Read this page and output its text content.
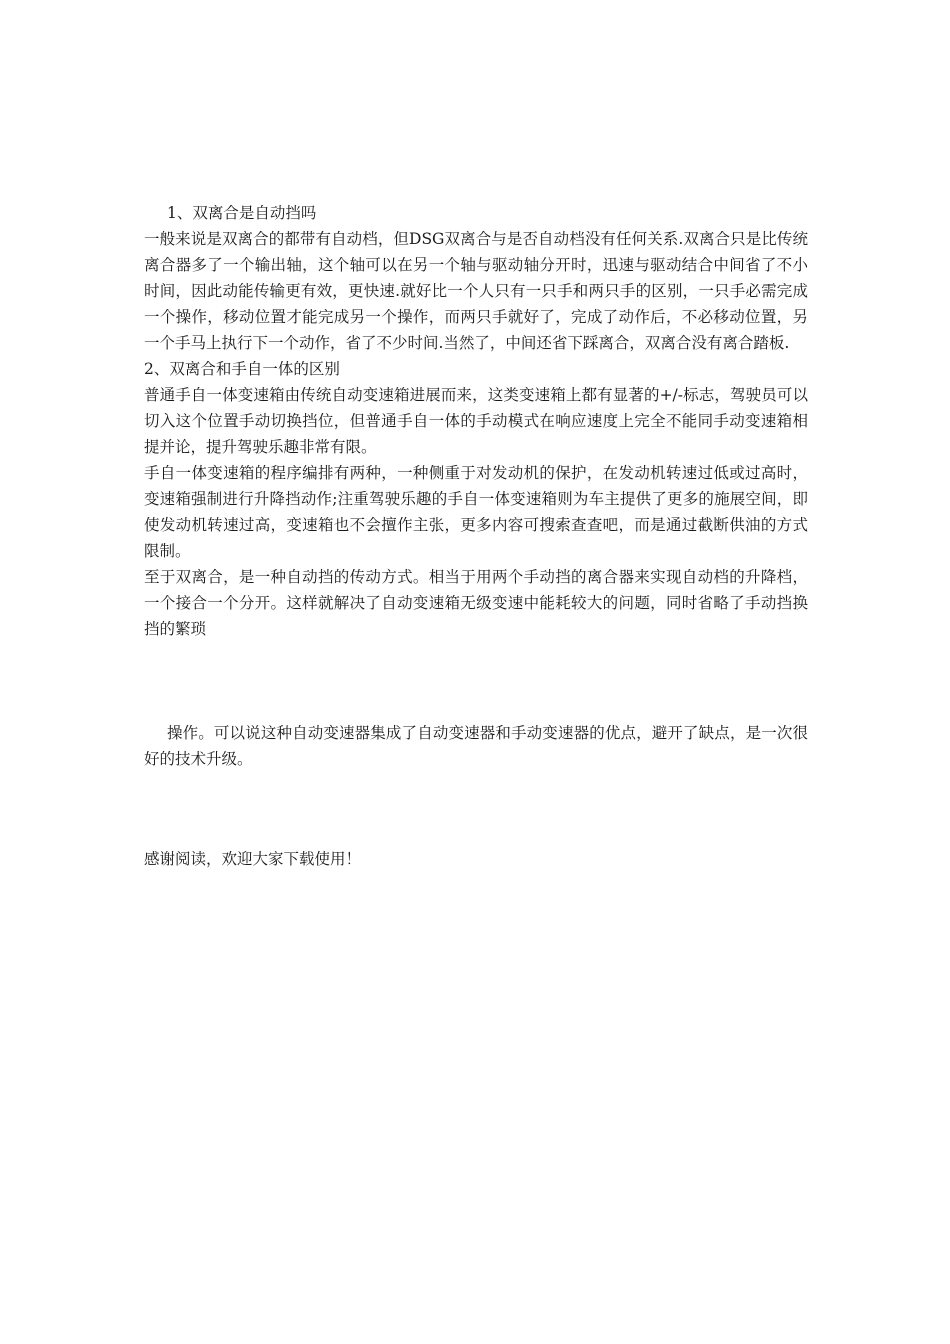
1、双离合是自动挡吗

一般来说是双离合的都带有自动档，但DSG双离合与是否自动档没有任何关系.双离合只是比传统离合器多了一个输出轴，这个轴可以在另一个轴与驱动轴分开时，迅速与驱动结合中间省了不小时间，因此动能传输更有效，更快速.就好比一个人只有一只手和两只手的区别，一只手必需完成一个操作，移动位置才能完成另一个操作，而两只手就好了，完成了动作后，不必移动位置，另一个手马上执行下一个动作，省了不少时间.当然了，中间还省下踩离合，双离合没有离合踏板.

2、双离合和手自一体的区别

普通手自一体变速箱由传统自动变速箱进展而来，这类变速箱上都有显著的+/-标志，驾驶员可以切入这个位置手动切换挡位，但普通手自一体的手动模式在响应速度上完全不能同手动变速箱相提并论，提升驾驶乐趣非常有限。

手自一体变速箱的程序编排有两种，一种侧重于对发动机的保护，在发动机转速过低或过高时，变速箱强制进行升降挡动作;注重驾驶乐趣的手自一体变速箱则为车主提供了更多的施展空间，即使发动机转速过高，变速箱也不会擅作主张，更多内容可搜索查查吧，而是通过截断供油的方式限制。

至于双离合，是一种自动挡的传动方式。相当于用两个手动挡的离合器来实现自动档的升降档，一个接合一个分开。这样就解决了自动变速箱无级变速中能耗较大的问题，同时省略了手动挡换挡的繁琐

操作。可以说这种自动变速器集成了自动变速器和手动变速器的优点，避开了缺点，是一次很好的技术升级。

感谢阅读，欢迎大家下载使用！
